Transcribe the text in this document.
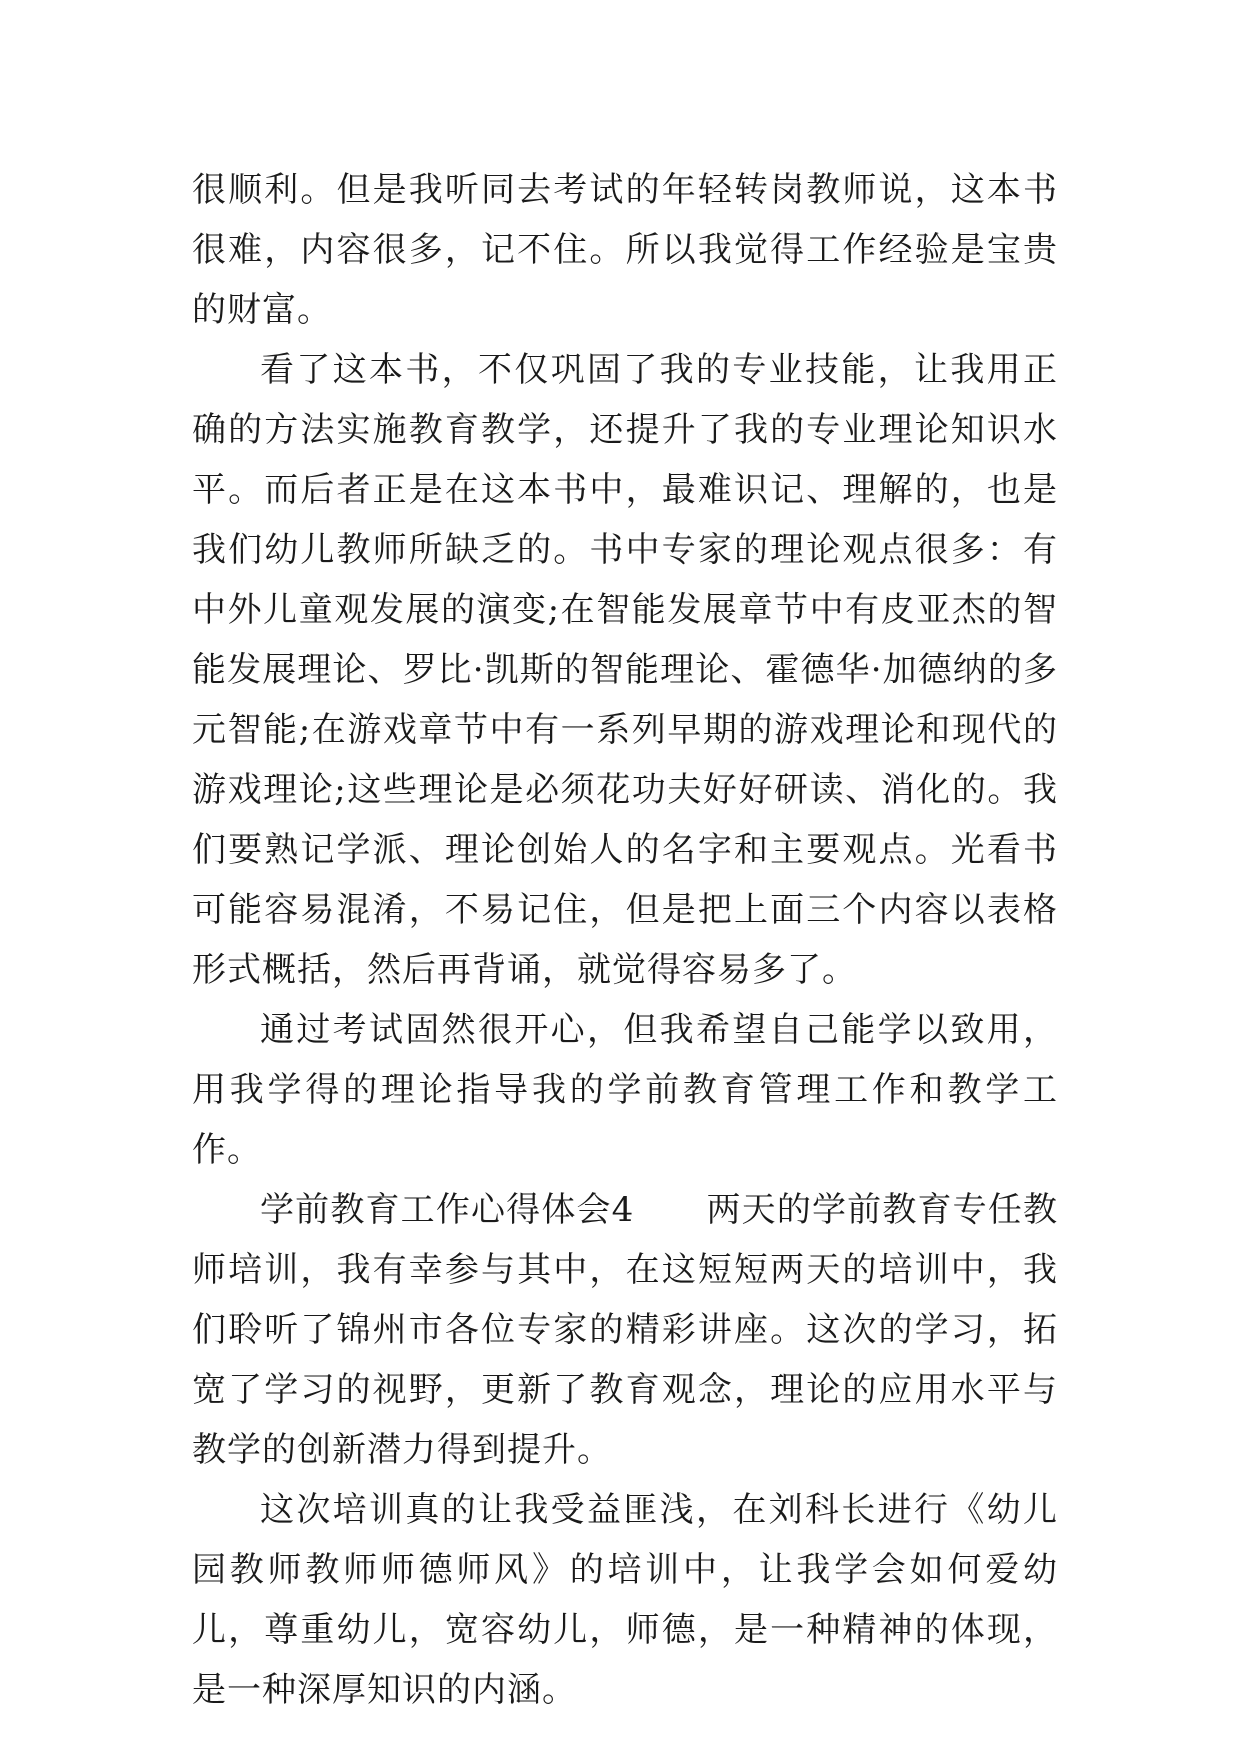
很顺利。但是我听同去考试的年轻转岗教师说，这本书很难，内容很多，记不住。所以我觉得工作经验是宝贵的财富。

看了这本书，不仅巩固了我的专业技能，让我用正确的方法实施教育教学，还提升了我的专业理论知识水平。而后者正是在这本书中，最难识记、理解的，也是我们幼儿教师所缺乏的。书中专家的理论观点很多：有中外儿童观发展的演变;在智能发展章节中有皮亚杰的智能发展理论、罗比·凯斯的智能理论、霍德华·加德纳的多元智能;在游戏章节中有一系列早期的游戏理论和现代的游戏理论;这些理论是必须花功夫好好研读、消化的。我们要熟记学派、理论创始人的名字和主要观点。光看书可能容易混淆，不易记住，但是把上面三个内容以表格形式概括，然后再背诵，就觉得容易多了。

通过考试固然很开心，但我希望自己能学以致用，用我学得的理论指导我的学前教育管理工作和教学工作。

学前教育工作心得体会4 两天的学前教育专任教师培训，我有幸参与其中，在这短短两天的培训中，我们聆听了锦州市各位专家的精彩讲座。这次的学习，拓宽了学习的视野，更新了教育观念，理论的应用水平与教学的创新潜力得到提升。

这次培训真的让我受益匪浅，在刘科长进行《幼儿园教师教师师德师风》的培训中，让我学会如何爱幼儿，尊重幼儿，宽容幼儿，师德，是一种精神的体现，是一种深厚知识的内涵。
